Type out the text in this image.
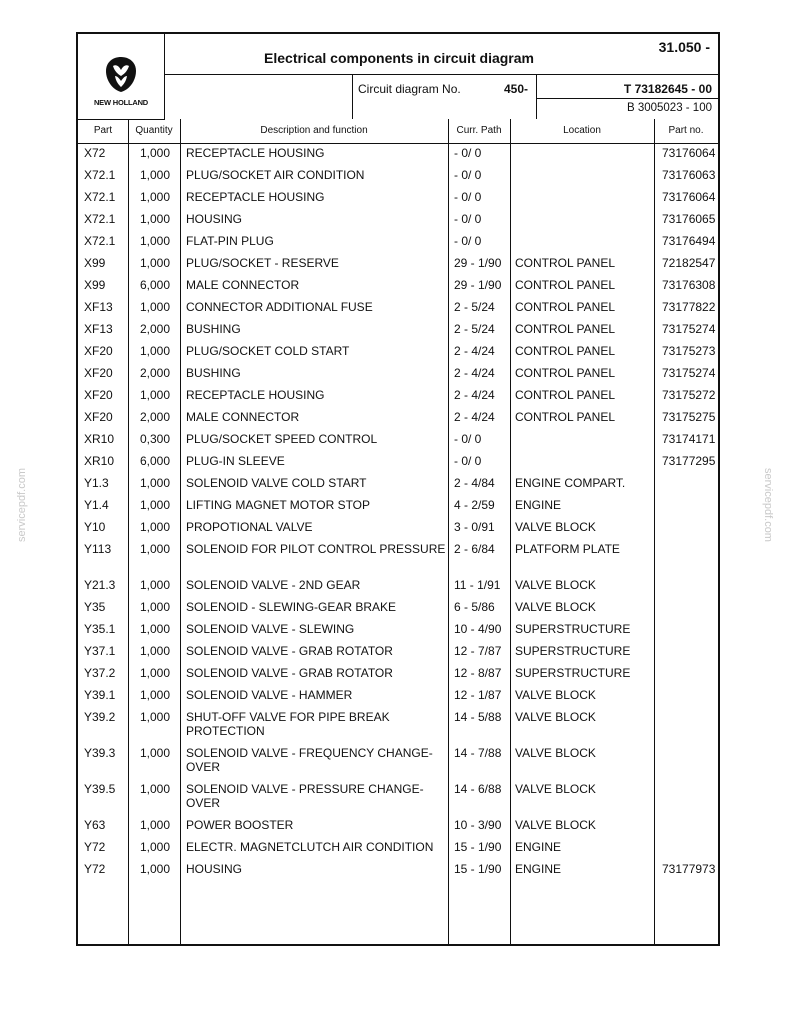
servicepdf.com	servicepdf.com
NEW HOLLAND
Electrical components in circuit diagram
31.050 -
Circuit diagram No.	450-	T 73182645 - 00
B 3005023 - 100
Part	Quantity	Description and function	Curr. Path	Location	Part no.
X72	1,000 RECEPTACLE HOUSING	- 0/ 0	73176064
X72.1 1,000 PLUG/SOCKET AIR CONDITION	- 0/ 0	73176063
X72.1 1,000 RECEPTACLE HOUSING	- 0/ 0	73176064
X72.1 1,000 HOUSING	- 0/ 0	73176065
X72.1 1,000 FLAT-PIN PLUG	- 0/ 0	73176494
X99	1,000 PLUG/SOCKET - RESERVE	29 - 1/90 CONTROL PANEL	72182547
X99	6,000 MALE CONNECTOR	29 - 1/90 CONTROL PANEL	73176308
XF13 1,000 CONNECTOR ADDITIONAL FUSE	2 - 5/24 CONTROL PANEL	73177822
XF13 2,000 BUSHING	2 - 5/24 CONTROL PANEL	73175274
XF20 1,000 PLUG/SOCKET COLD START	2 - 4/24 CONTROL PANEL	73175273
XF20 2,000 BUSHING	2 - 4/24 CONTROL PANEL	73175274
XF20 1,000 RECEPTACLE HOUSING	2 - 4/24 CONTROL PANEL	73175272
XF20 2,000 MALE CONNECTOR	2 - 4/24 CONTROL PANEL	73175275
XR10 0,300 PLUG/SOCKET SPEED CONTROL	- 0/ 0	73174171
XR10 6,000 PLUG-IN SLEEVE	- 0/ 0	73177295
Y1.3	1,000 SOLENOID VALVE COLD START	2 - 4/84 ENGINE COMPART.
Y1.4	1,000 LIFTING MAGNET MOTOR STOP	4 - 2/59 ENGINE
Y10	1,000 PROPOTIONAL VALVE	3 - 0/91 VALVE BLOCK
Y113 1,000 SOLENOID FOR PILOT CONTROL PRESSURE 2 - 6/84 PLATFORM PLATE
Y21.3 1,000 SOLENOID VALVE - 2ND GEAR	11 - 1/91 VALVE BLOCK
Y35	1,000 SOLENOID - SLEWING-GEAR BRAKE	6 - 5/86 VALVE BLOCK
Y35.1 1,000 SOLENOID VALVE - SLEWING	10 - 4/90 SUPERSTRUCTURE
Y37.1 1,000 SOLENOID VALVE - GRAB ROTATOR	12 - 7/87 SUPERSTRUCTURE
Y37.2 1,000 SOLENOID VALVE - GRAB ROTATOR	12 - 8/87 SUPERSTRUCTURE
Y39.1 1,000 SOLENOID VALVE - HAMMER	12 - 1/87 VALVE BLOCK
Y39.2 1,000 SHUT-OFF VALVE FOR PIPE BREAK PROTECTION
14 - 5/88 VALVE BLOCK
Y39.3 1,000 SOLENOID VALVE - FREQUENCY CHANGE-OVER
14 - 7/88 VALVE BLOCK
Y39.5 1,000 SOLENOID VALVE - PRESSURE CHANGE-OVER
14 - 6/88 VALVE BLOCK
Y63	1,000 POWER BOOSTER	10 - 3/90 VALVE BLOCK
Y72	1,000 ELECTR. MAGNETCLUTCH AIR CONDITION	15 - 1/90 ENGINE
Y72	1,000 HOUSING	15 - 1/90 ENGINE	73177973
